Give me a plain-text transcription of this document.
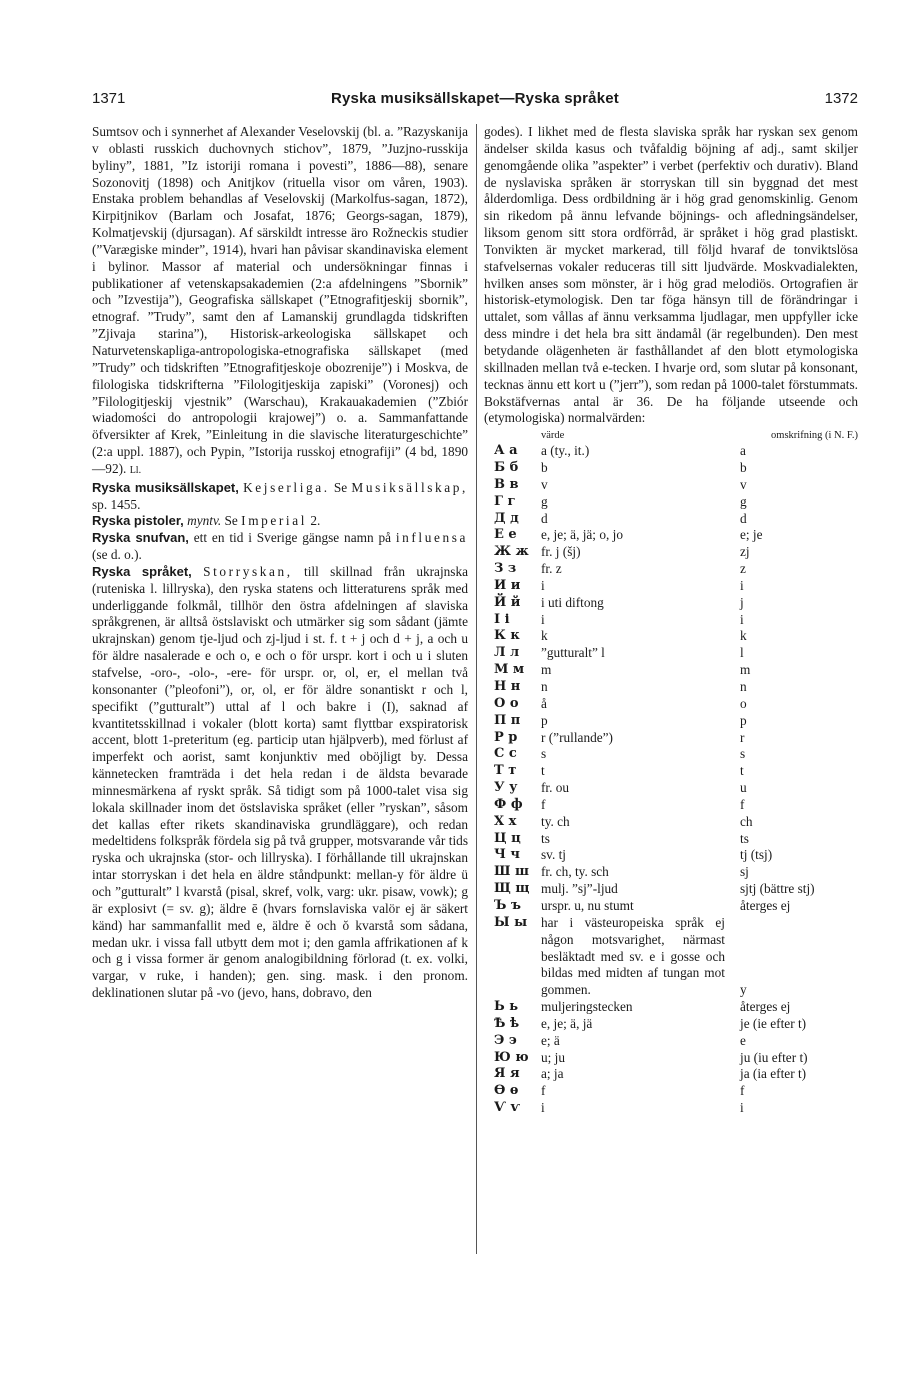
1371	Ryska musiksällskapet—Ryska språket	1372

Sumtsov och i synnerhet af Alexander Veselovskij (bl. a. ”Razyskanija v oblasti russkich duchovnych stichov”, 1879, ”Juzjno-russkija byliny”, 1881, ”Iz istoriji romana i povesti”, 1886—88), senare Sozonovitj (1898) och Anitjkov (rituella visor om våren, 1903). Enstaka problem behandlas af Veselovskij (Markolfus-sagan, 1872), Kirpitjnikov (Barlam och Josafat, 1876; Georgs-sagan, 1879), Kolmatjevskij (djursagan). Af särskildt intresse äro Rožneckis studier (”Varægiske minder”, 1914), hvari han påvisar skandinaviska element i bylinor. Massor af material och undersökningar finnas i publikationer af vetenskapsakademien (2:a afdelningens ”Sbornik” och ”Izvestija”), Geografiska sällskapet (”Etnografitjeskij sbornik”, etnograf. ”Trudy”, samt den af Lamanskij grundlagda tidskriften ”Zjivaja starina”), Historisk-arkeologiska sällskapet och Naturvetenskapliga-antropologiska-etnografiska sällskapet (med ”Trudy” och tidskriften ”Etnografitjeskoje obozrenije”) i Moskva, de filologiska tidskrifterna ”Filologitjeskija zapiski” (Voronesj) och ”Filologitjeskij vjestnik” (Warschau), Krakauakademien (”Zbiór wiadomości do antropologii krajowej”) o. a. Sammanfattande öfversikter af Krek, ”Einleitung in die slavische literaturgeschichte” (2:a uppl. 1887), och Pypin, ”Istorija russkoj etnografiji” (4 bd, 1890—92). Ll.

Ryska musiksällskapet, Kejserliga. Se Musiksällskap, sp. 1455.

Ryska pistoler, myntv. Se Imperial 2.

Ryska snufvan, ett en tid i Sverige gängse namn på influensa (se d. o.).

Ryska språket, Storryskan, till skillnad från ukrajnska (ruteniska l. lillryska), den ryska statens och litteraturens språk med underliggande folkmål, tillhör den östra afdelningen af slaviska språkgrenen, är alltså östslaviskt och utmärker sig som sådant (jämte ukrajnskan) genom tje-ljud och zj-ljud i st. f. t + j och d + j, a och u för äldre nasalerade e och o, e och o för urspr. kort i och u i sluten stafvelse, -oro-, -olo-, -ere- för urspr. or, ol, er, el mellan två konsonanter (”pleofoni”), or, ol, er för äldre sonantiskt r och l, specifikt (”gutturalt”) uttal af l och bakre i (I), saknad af kvantitetsskillnad i vokaler (blott korta) samt flyttbar exspiratorisk accent, blott 1-preteritum (eg. particip utan hjälpverb), med förlust af imperfekt och aorist, samt konjunktiv med oböjligt by. Dessa kännetecken framträda i det hela redan i de äldsta bevarade minnesmärkena af ryskt språk. Så tidigt som på 1000-talet visa sig lokala skillnader inom det östslaviska språket (eller ”ryskan”, såsom det kallas efter rikets skandinaviska grundläggare), och redan medeltidens folkspråk fördela sig på två grupper, motsvarande vår tids ryska och ukrajnska (stor- och lillryska). I förhållande till ukrajnskan intar storryskan i det hela en äldre ståndpunkt: mellan-y för äldre ü och ”gutturalt” l kvarstå (pisal, skref, volk, varg: ukr. pisaw, vowk); g är explosivt (= sv. g); äldre ē (hvars fornslaviska valör ej är säkert känd) har sammanfallit med e, äldre ĕ och ŏ kvarstå som sådana, medan ukr. i vissa fall utbytt dem mot i; den gamla affrikationen af k och g i vissa former är genom analogibildning förlorad (t. ex. volki, vargar, v ruke, i handen); gen. sing. mask. i den pronom. deklinationen slutar på -vo (jevo, hans, dobravo, den

godes). I likhet med de flesta slaviska språk har ryskan sex genom ändelser skilda kasus och tvåfaldig böjning af adj., samt skiljer genomgående olika ”aspekter” i verbet (perfektiv och durativ). Bland de nyslaviska språken är storryskan till sin byggnad det mest ålderdomliga. Dess ordbildning är i hög grad genomskinlig. Genom sin rikedom på ännu lefvande böjnings- och afledningsändelser, liksom genom sitt stora ordförråd, är språket i hög grad plastiskt. Tonvikten är mycket markerad, till följd hvaraf de tonviktslösa stafvelsernas vokaler reduceras till sitt ljudvärde. Moskvadialekten, hvilken anses som mönster, är i hög grad melodiös. Ortografien är historisk-etymologisk. Den tar föga hänsyn till de förändringar i uttalet, som vållas af ännu verksamma ljudlagar, men uppfyller icke dess mindre i det hela bra sitt ändamål (är regelbunden). Den mest betydande olägenheten är fasthållandet af den blott etymologiska skillnaden mellan två e-tecken. I hvarje ord, som slutar på konsonant, tecknas ännu ett kort u (”jerr”), som redan på 1000-talet förstummats. Bokstäfvernas antal är 36. De ha följande utseende och (etymologiska) normalvärden:

värde	omskrifning (i N. F.)
А а	a (ty., it.)	a
Б б	b	b
В в	v	v
Г г	g	g
Д д	d	d
Е е	e, je; ä, jä; o, jo	e; je
Ж ж fr. j (šj)	zj
З з	fr. z	z
И и	i	i
Й й	i uti diftong	j
І і	i	i
К к	k	k
Л л	”gutturalt” l	l
М м	m	m
Н н	n	n
О о	å	o
П п	p	p
Р р	r (”rullande”)	r
С с	s	s
Т т	t	t
У у	fr. ou	u
Ф ф	f	f
Х х	ty. ch	ch
Ц ц	ts	ts
Ч ч	sv. tj	tj (tsj)
Ш ш fr. ch, ty. sch	sj
Щ щ mulj. ”sj”-ljud	sjtj (bättre stj)
Ъ ъ	urspr. u, nu stumt	återges ej
Ы ы	har i västeuropeiska språk ej någon motsvarighet, närmast besläktadt med sv. e i gosse och bildas med midten af tungan mot gommen.	y
Ь ь	muljeringstecken	återges ej
Ѣ ѣ	e, je; ä, jä	je (ie efter t)
Э э	e; ä	e
Ю ю u; ju	ju (iu efter t)
Я я	a; ja	ja (ia efter t)
Ѳ ѳ	f	f
Ѵ ѵ	i	i
